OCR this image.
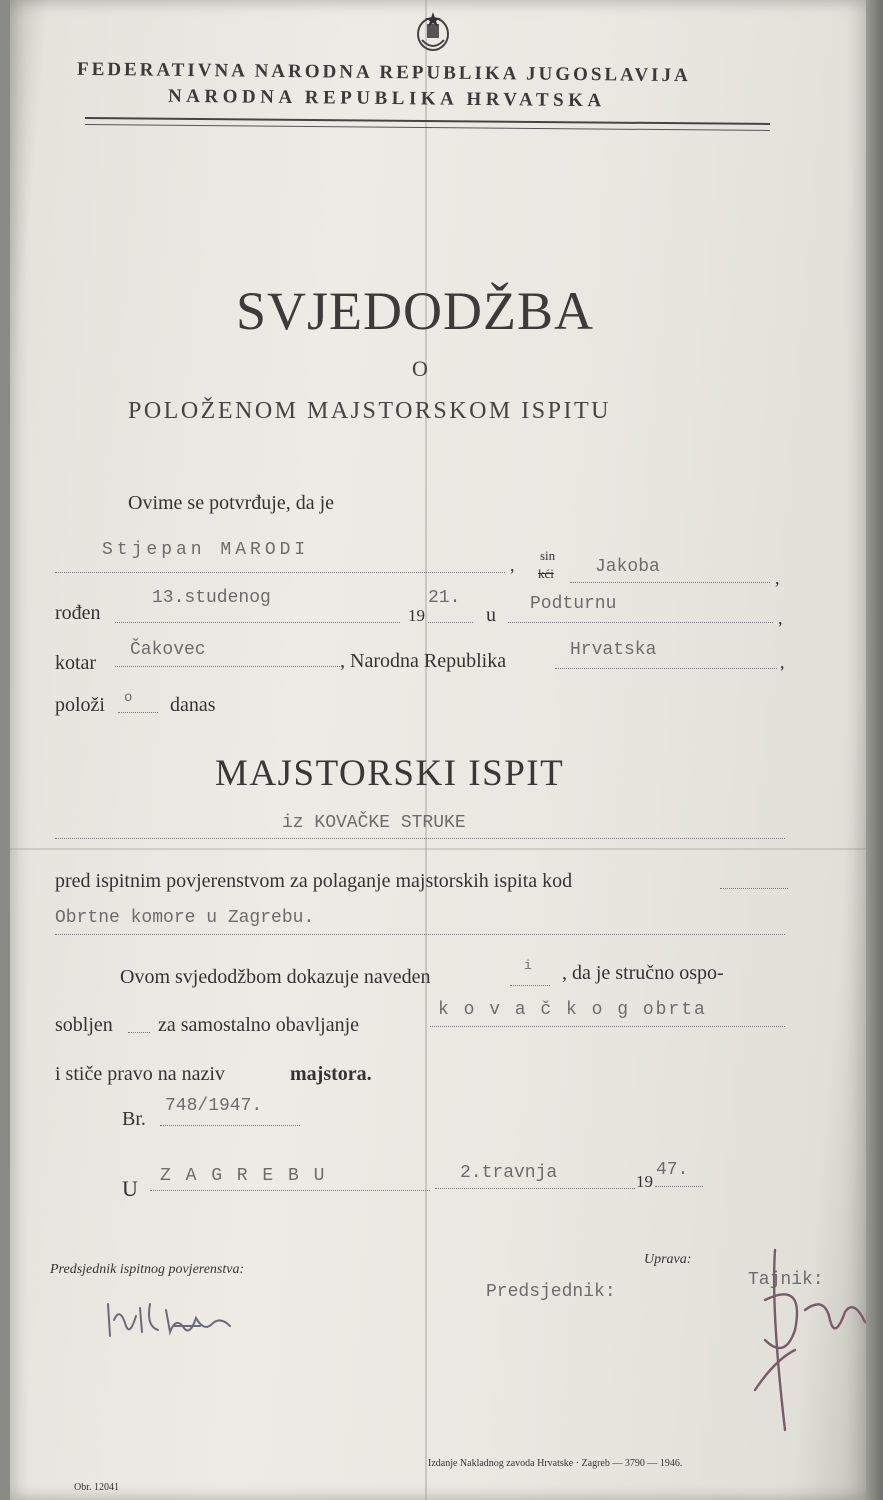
FEDERATIVNA NARODNA REPUBLIKA JUGOSLAVIJA
NARODNA REPUBLIKA HRVATSKA
SVJEDODŽBA
O
POLOŽENOM MAJSTORSKOM ISPITU
Ovime se potvrđuje, da je
Stjepan MARODI
, sin
kći Jakoba
,
rođen
13.studenog
19
21.
u Podturnu
,
kotar
Čakovec	, Narodna Republika	Hrvatska
,
položi o danas
MAJSTORSKI ISPIT
iz KOVAČKE STRUKE
pred ispitnim povjerenstvom za polaganje majstorskih ispita kod
Obrtne komore u Zagrebu.
Ovom svjedodžbom dokazuje naveden
i , da je stručno ospo-
sobljen za samostalno obavljanje
k o v a č k o g obrta
i stiče pravo na naziv	majstora.
Br.
748/1947.
U Z A G R E B U	2.travnja	19
47.
Predsjednik ispitnog povjerenstva:
Uprava:
Predsjednik:
Tajnik:
Obr. 12041
Izdanje Nakladnog zavoda Hrvatske · Zagreb — 3790 — 1946.
